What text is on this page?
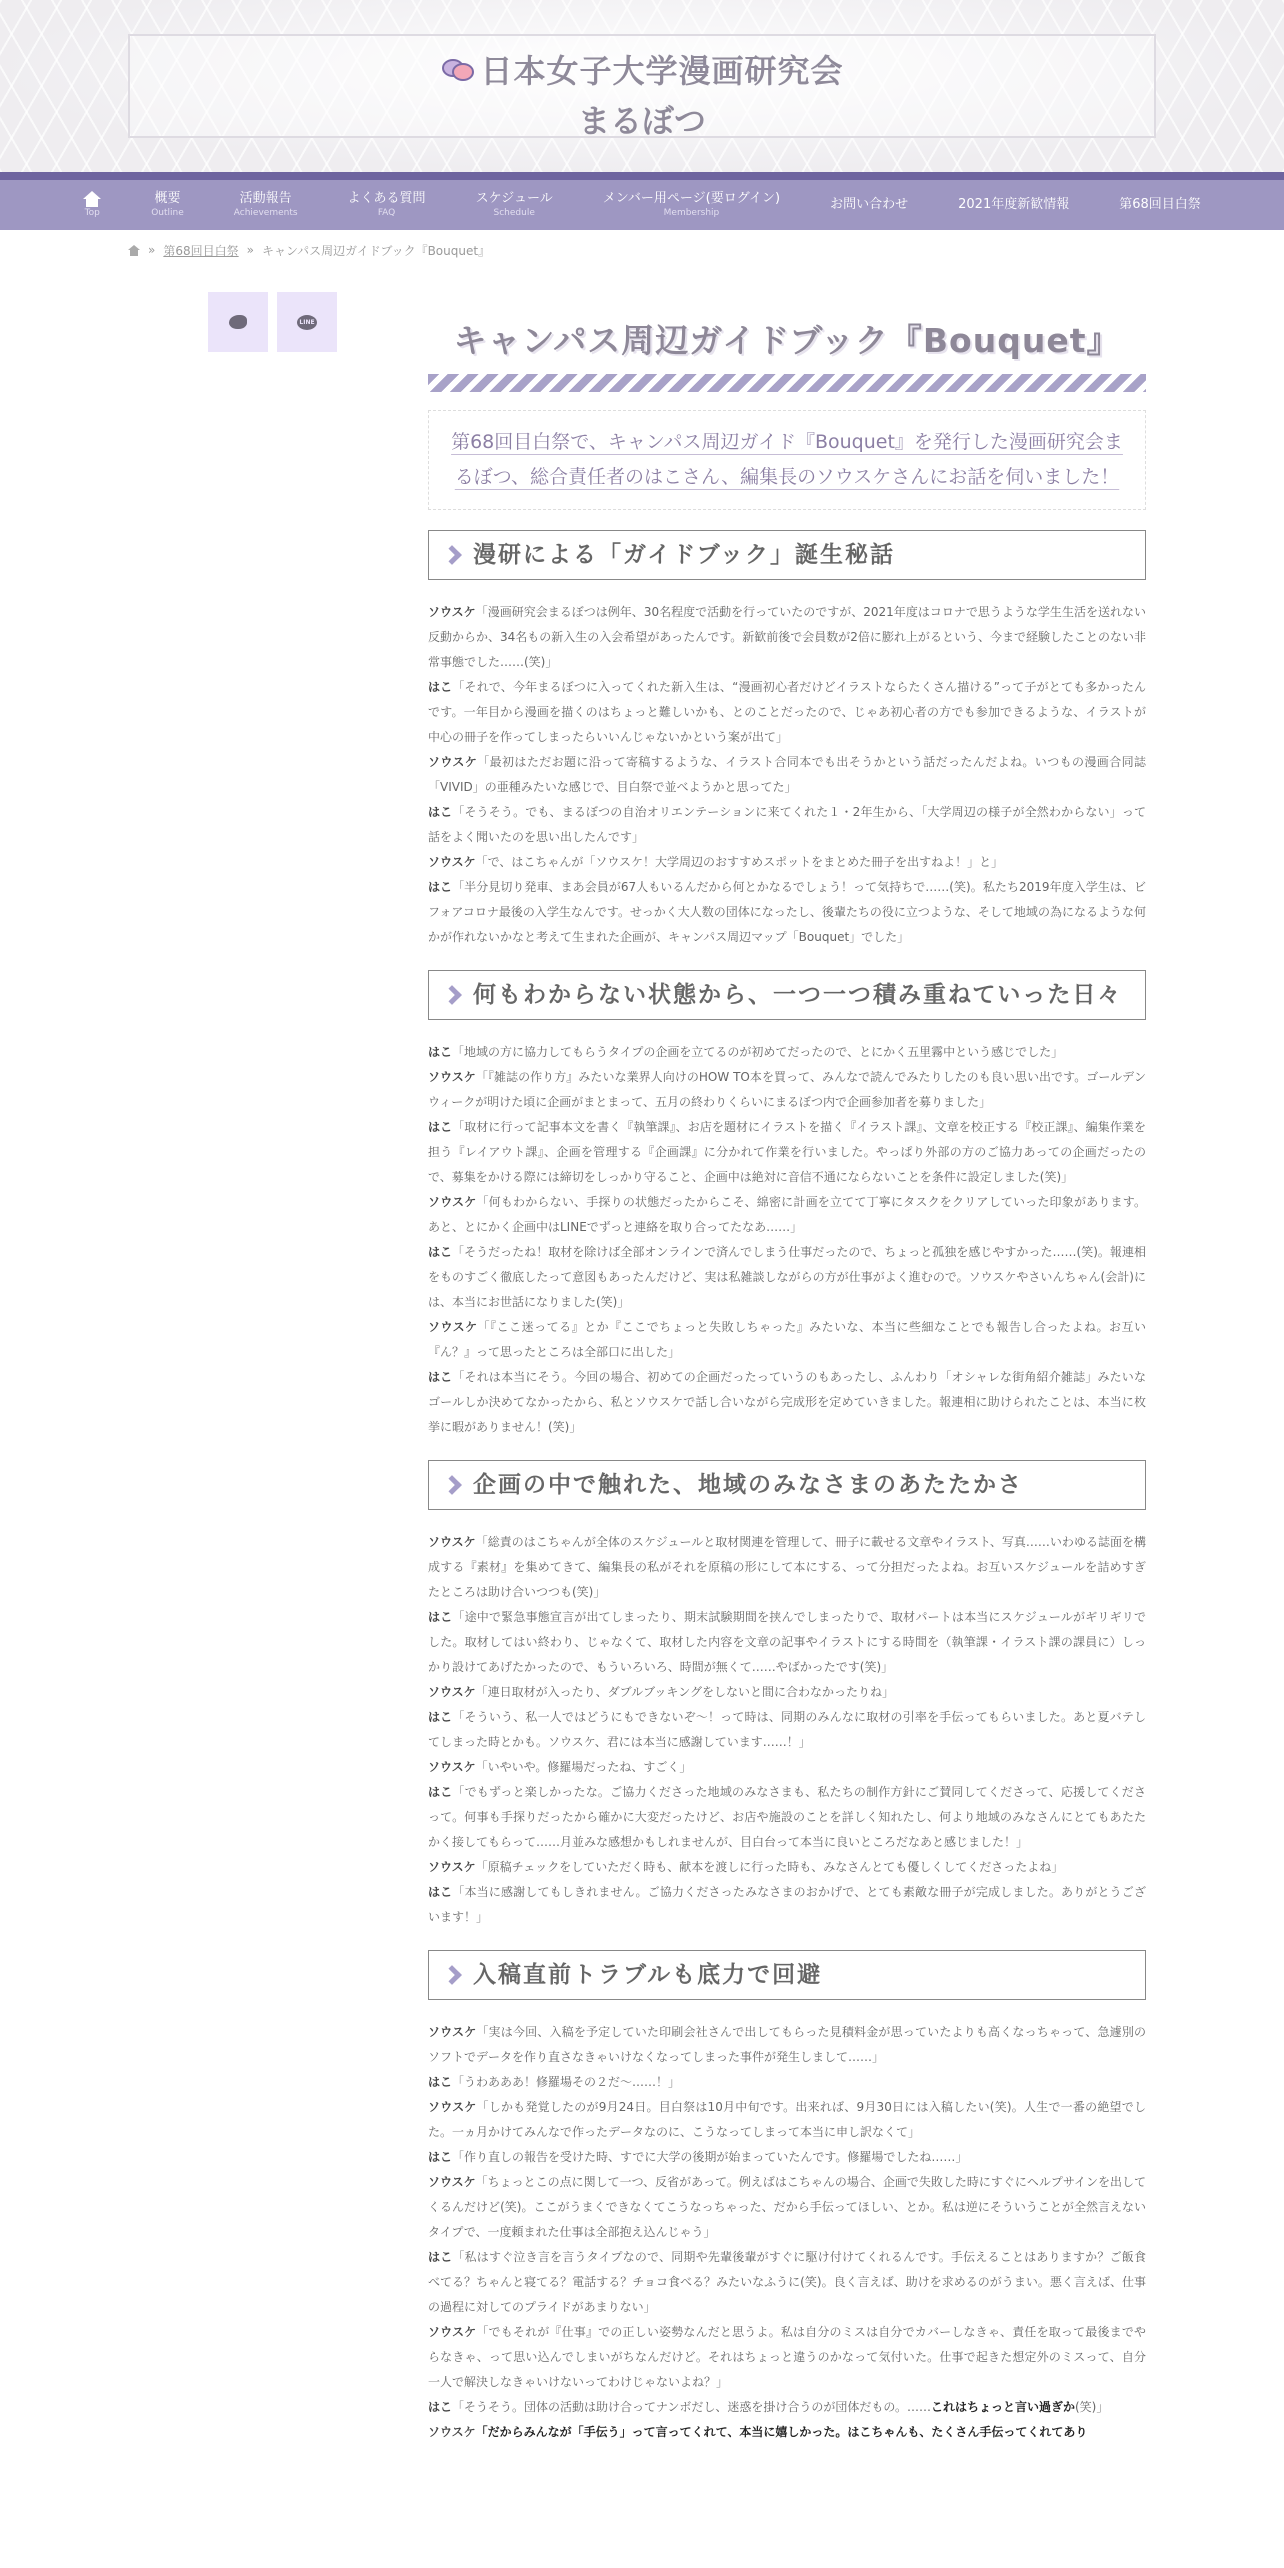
日本女子大学漫画研究会
まるぼつ
Top
概要
Outline
活動報告
Achievements
よくある質問
FAQ
スケジュール
Schedule
メンバー用ページ(要ログイン)
Membership
お問い合わせ	2021年度新歓情報	第68回目白祭
» 第68回目白祭 » キャンパス周辺ガイドブック『Bouquet』
LINE	キャンパス周辺ガイドブック『Bouquet』
第68回目白祭で、キャンパス周辺ガイド『Bouquet』を発行した漫画研究会まるぼつ、総合責任者のはこさん、編集長のソウスケさんにお話を伺いました！
漫研による「ガイドブック」誕生秘話

ソウスケ「漫画研究会まるぼつは例年、30名程度で活動を行っていたのですが、2021年度はコロナで思うような学生生活を送れない反動からか、34名もの新入生の入会希望があったんです。新歓前後で会員数が2倍に膨れ上がるという、今まで経験したことのない非常事態でした……(笑)」

はこ「それで、今年まるぼつに入ってくれた新入生は、“漫画初心者だけどイラストならたくさん描ける”って子がとても多かったんです。一年目から漫画を描くのはちょっと難しいかも、とのことだったので、じゃあ初心者の方でも参加できるような、イラストが中心の冊子を作ってしまったらいいんじゃないかという案が出て」

ソウスケ「最初はただお題に沿って寄稿するような、イラスト合同本でも出そうかという話だったんだよね。いつもの漫画合同誌「VIVID」の亜種みたいな感じで、目白祭で並べようかと思ってた」

はこ「そうそう。でも、まるぼつの自治オリエンテーションに来てくれた１・2年生から、「大学周辺の様子が全然わからない」って話をよく聞いたのを思い出したんです」

ソウスケ「で、はこちゃんが「ソウスケ！大学周辺のおすすめスポットをまとめた冊子を出すねよ！」と」

はこ「半分見切り発車、まあ会員が67人もいるんだから何とかなるでしょう！って気持ちで……(笑)。私たち2019年度入学生は、ビフォアコロナ最後の入学生なんです。せっかく大人数の団体になったし、後輩たちの役に立つような、そして地域の為になるような何かが作れないかなと考えて生まれた企画が、キャンパス周辺マップ「Bouquet」でした」

何もわからない状態から、一つ一つ積み重ねていった日々

はこ「地域の方に協力してもらうタイプの企画を立てるのが初めてだったので、とにかく五里霧中という感じでした」

ソウスケ「『雑誌の作り方』みたいな業界人向けのHOW TO本を買って、みんなで読んでみたりしたのも良い思い出です。ゴールデンウィークが明けた頃に企画がまとまって、五月の終わりくらいにまるぼつ内で企画参加者を募りました」

はこ「取材に行って記事本文を書く『執筆課』、お店を題材にイラストを描く『イラスト課』、文章を校正する『校正課』、編集作業を担う『レイアウト課』、企画を管理する『企画課』に分かれて作業を行いました。やっぱり外部の方のご協力あっての企画だったので、募集をかける際には締切をしっかり守ること、企画中は絶対に音信不通にならないことを条件に設定しました(笑)」

ソウスケ「何もわからない、手探りの状態だったからこそ、綿密に計画を立てて丁寧にタスクをクリアしていった印象があります。あと、とにかく企画中はLINEでずっと連絡を取り合ってたなあ……」

はこ「そうだったね！取材を除けば全部オンラインで済んでしまう仕事だったので、ちょっと孤独を感じやすかった……(笑)。報連相をものすごく徹底したって意図もあったんだけど、実は私雑談しながらの方が仕事がよく進むので。ソウスケやさいんちゃん(会計)には、本当にお世話になりました(笑)」

ソウスケ「『ここ迷ってる』とか『ここでちょっと失敗しちゃった』みたいな、本当に些細なことでも報告し合ったよね。お互い『ん？』って思ったところは全部口に出した」

はこ「それは本当にそう。今回の場合、初めての企画だったっていうのもあったし、ふんわり「オシャレな街角紹介雑誌」みたいなゴールしか決めてなかったから、私とソウスケで話し合いながら完成形を定めていきました。報連相に助けられたことは、本当に枚挙に暇がありません！(笑)」

企画の中で触れた、地域のみなさまのあたたかさ

ソウスケ「総責のはこちゃんが全体のスケジュールと取材関連を管理して、冊子に載せる文章やイラスト、写真……いわゆる誌面を構成する『素材』を集めてきて、編集長の私がそれを原稿の形にして本にする、って分担だったよね。お互いスケジュールを詰めすぎたところは助け合いつつも(笑)」

はこ「途中で緊急事態宣言が出てしまったり、期末試験期間を挟んでしまったりで、取材パートは本当にスケジュールがギリギリでした。取材してはい終わり、じゃなくて、取材した内容を文章の記事やイラストにする時間を（執筆課・イラスト課の課員に）しっかり設けてあげたかったので、もういろいろ、時間が無くて……やばかったです(笑)」

ソウスケ「連日取材が入ったり、ダブルブッキングをしないと間に合わなかったりね」

はこ「そういう、私一人ではどうにもできないぞ～！って時は、同期のみんなに取材の引率を手伝ってもらいました。あと夏バテしてしまった時とかも。ソウスケ、君には本当に感謝しています……！」

ソウスケ「いやいや。修羅場だったね、すごく」

はこ「でもずっと楽しかったな。ご協力くださった地域のみなさまも、私たちの制作方針にご賛同してくださって、応援してくださって。何事も手探りだったから確かに大変だったけど、お店や施設のことを詳しく知れたし、何より地域のみなさんにとてもあたたかく接してもらって……月並みな感想かもしれませんが、目白台って本当に良いところだなあと感じました！」

ソウスケ「原稿チェックをしていただく時も、献本を渡しに行った時も、みなさんとても優しくしてくださったよね」

はこ「本当に感謝してもしきれません。ご協力くださったみなさまのおかげで、とても素敵な冊子が完成しました。ありがとうございます！」

入稿直前トラブルも底力で回避

ソウスケ「実は今回、入稿を予定していた印刷会社さんで出してもらった見積料金が思っていたよりも高くなっちゃって、急遽別のソフトでデータを作り直さなきゃいけなくなってしまった事件が発生しまして……」

はこ「うわあああ！修羅場その２だ～……！」

ソウスケ「しかも発覚したのが9月24日。目白祭は10月中旬です。出来れば、9月30日には入稿したい(笑)。人生で一番の絶望でした。一ヵ月かけてみんなで作ったデータなのに、こうなってしまって本当に申し訳なくて」

はこ「作り直しの報告を受けた時、すでに大学の後期が始まっていたんです。修羅場でしたね……」

ソウスケ「ちょっとこの点に関して一つ、反省があって。例えばはこちゃんの場合、企画で失敗した時にすぐにヘルプサインを出してくるんだけど(笑)。ここがうまくできなくてこうなっちゃった、だから手伝ってほしい、とか。私は逆にそういうことが全然言えないタイプで、一度頼まれた仕事は全部抱え込んじゃう」

はこ「私はすぐ泣き言を言うタイプなので、同期や先輩後輩がすぐに駆け付けてくれるんです。手伝えることはありますか？ご飯食べてる？ちゃんと寝てる？電話する？チョコ食べる？みたいなふうに(笑)。良く言えば、助けを求めるのがうまい。悪く言えば、仕事の過程に対してのプライドがあまりない」

ソウスケ「でもそれが『仕事』での正しい姿勢なんだと思うよ。私は自分のミスは自分でカバーしなきゃ、責任を取って最後までやらなきゃ、って思い込んでしまいがちなんだけど。それはちょっと違うのかなって気付いた。仕事で起きた想定外のミスって、自分一人で解決しなきゃいけないってわけじゃないよね？」

はこ「そうそう。団体の活動は助け合ってナンボだし、迷惑を掛け合うのが団体だもの。……これはちょっと言い過ぎか(笑)」

ソウスケ「だからみんなが「手伝う」って言ってくれて、本当に嬉しかった。はこちゃんも、たくさん手伝ってくれてあり
